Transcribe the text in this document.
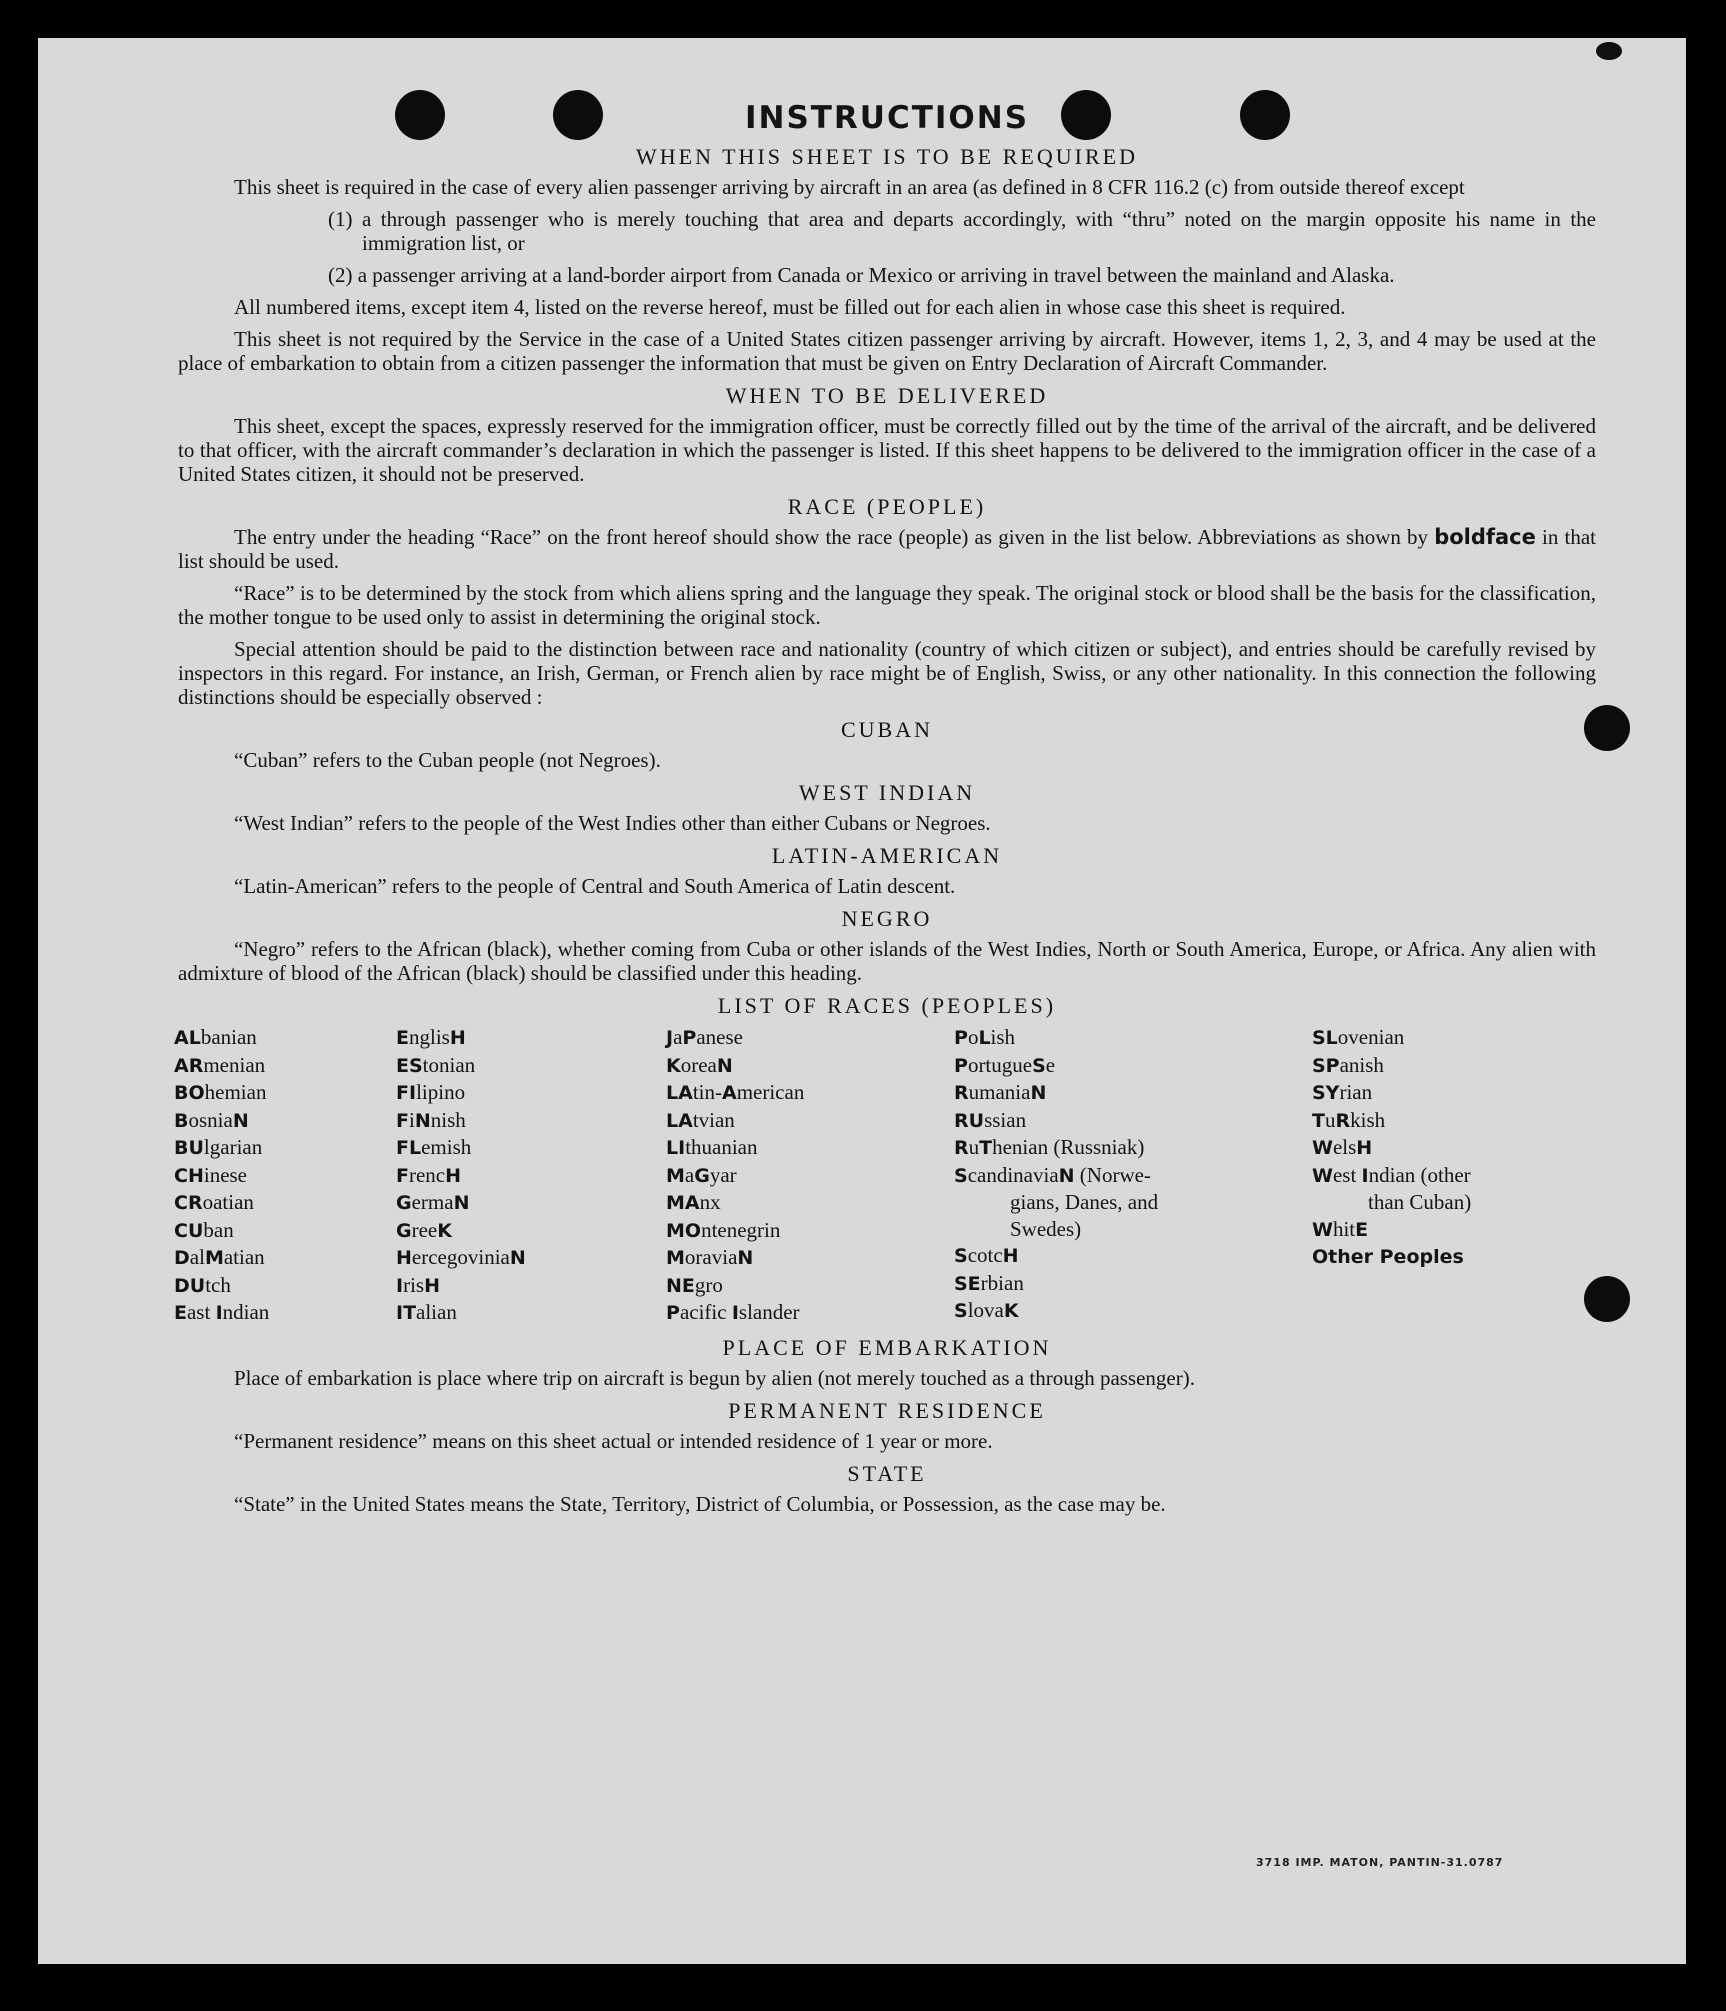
INSTRUCTIONS
WHEN THIS SHEET IS TO BE REQUIRED

This sheet is required in the case of every alien passenger arriving by aircraft in an area (as defined in 8 CFR 116.2 (c) from outside thereof except

(1) a through passenger who is merely touching that area and departs accordingly, with “thru” noted on the margin opposite his name in the immigration list, or
(2) a passenger arriving at a land-border airport from Canada or Mexico or arriving in travel between the mainland and Alaska.

All numbered items, except item 4, listed on the reverse hereof, must be filled out for each alien in whose case this sheet is required.

This sheet is not required by the Service in the case of a United States citizen passenger arriving by aircraft. However, items 1, 2, 3, and 4 may be used at the place of embarkation to obtain from a citizen passenger the information that must be given on Entry Declaration of Aircraft Commander.

WHEN TO BE DELIVERED

This sheet, except the spaces, expressly reserved for the immigration officer, must be correctly filled out by the time of the arrival of the aircraft, and be delivered to that officer, with the aircraft commander’s declaration in which the passenger is listed. If this sheet happens to be delivered to the immigration officer in the case of a United States citizen, it should not be preserved.

RACE (PEOPLE)

The entry under the heading “Race” on the front hereof should show the race (people) as given in the list below. Abbreviations as shown by boldface in that list should be used.

“Race” is to be determined by the stock from which aliens spring and the language they speak. The original stock or blood shall be the basis for the classification, the mother tongue to be used only to assist in determining the original stock.

Special attention should be paid to the distinction between race and nationality (country of which citizen or subject), and entries should be carefully revised by inspectors in this regard. For instance, an Irish, German, or French alien by race might be of English, Swiss, or any other nationality. In this connection the following distinctions should be especially observed :

CUBAN

“Cuban” refers to the Cuban people (not Negroes).

WEST INDIAN

“West Indian” refers to the people of the West Indies other than either Cubans or Negroes.

LATIN-AMERICAN

“Latin-American” refers to the people of Central and South America of Latin descent.

NEGRO

“Negro” refers to the African (black), whether coming from Cuba or other islands of the West Indies, North or South America, Europe, or Africa. Any alien with admixture of blood of the African (black) should be classified under this heading.

LIST OF RACES (PEOPLES)
ALbanian
ARmenian
BOhemian
BosniaN
BUlgarian
CHinese
CRoatian
CUban
DalMatian
DUtch
East Indian
EnglisH
EStonian
FIlipino
FiNnish
FLemish
FrencH
GermaN
GreeK
HercegoviniaN
IrisH
ITalian
JaPanese
KoreaN
LAtin-American
LAtvian
LIthuanian
MaGyar
MAnx
MOntenegrin
MoraviaN
NEgro
Pacific Islander
PoLish
PortugueSe
RumaniaN
RUssian
RuThenian (Russniak)
ScandinaviaN (Norwe-
gians, Danes, and
Swedes)
ScotcH
SErbian
SlovaK
SLovenian
SPanish
SYrian
TuRkish
WelsH
West Indian (other
than Cuban)
WhitE
Other Peoples
PLACE OF EMBARKATION

Place of embarkation is place where trip on aircraft is begun by alien (not merely touched as a through passenger).

PERMANENT RESIDENCE

“Permanent residence” means on this sheet actual or intended residence of 1 year or more.

STATE

“State” in the United States means the State, Territory, District of Columbia, or Possession, as the case may be.

3718 IMP. MATON, PANTIN-31.0787
